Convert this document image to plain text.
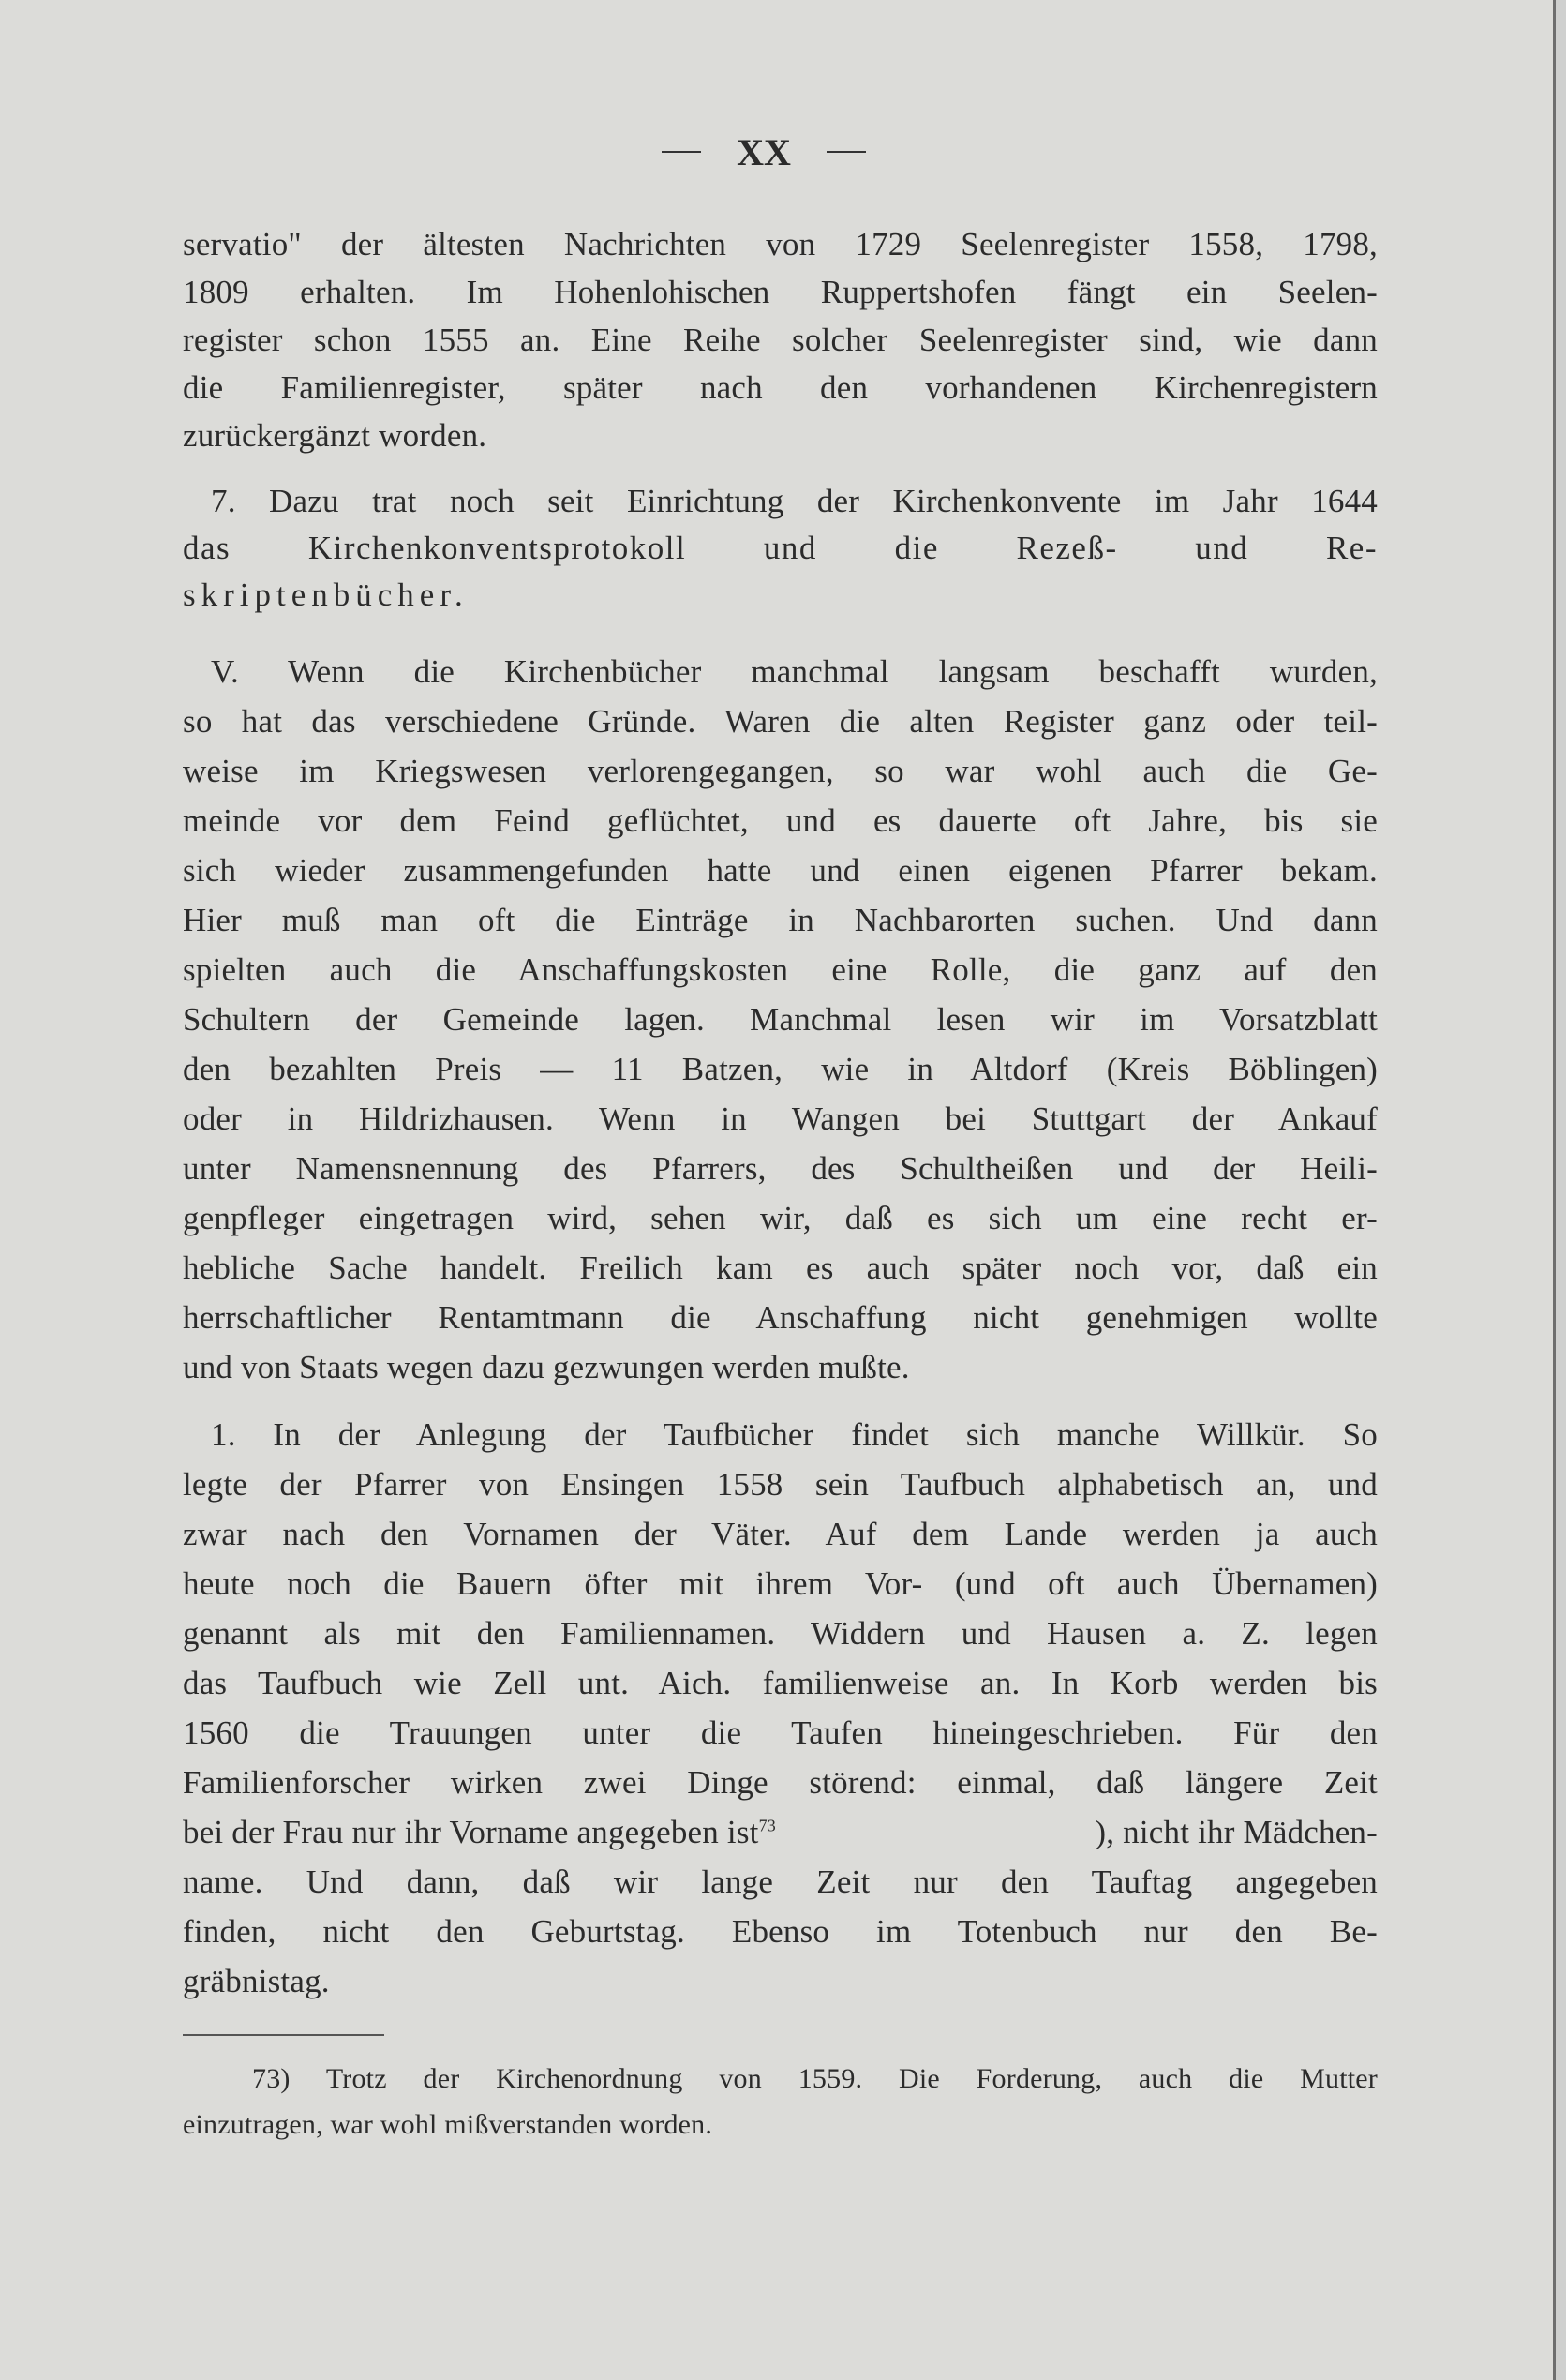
XX
servatio" der ältesten Nachrichten von 1729 Seelenregister 1558, 1798,
1809 erhalten. Im Hohenlohischen Ruppertshofen fängt ein Seelen-
register schon 1555 an. Eine Reihe solcher Seelenregister sind, wie dann
die Familienregister, später nach den vorhandenen Kirchenregistern
zurückergänzt worden.
7. Dazu trat noch seit Einrichtung der Kirchenkonvente im Jahr 1644
das Kirchenkonventsprotokoll und die Rezeß- und Re-
skriptenbücher.
V. Wenn die Kirchenbücher manchmal langsam beschafft wurden,
so hat das verschiedene Gründe. Waren die alten Register ganz oder teil-
weise im Kriegswesen verlorengegangen, so war wohl auch die Ge-
meinde vor dem Feind geflüchtet, und es dauerte oft Jahre, bis sie
sich wieder zusammengefunden hatte und einen eigenen Pfarrer bekam.
Hier muß man oft die Einträge in Nachbarorten suchen. Und dann
spielten auch die Anschaffungskosten eine Rolle, die ganz auf den
Schultern der Gemeinde lagen. Manchmal lesen wir im Vorsatzblatt
den bezahlten Preis — 11 Batzen, wie in Altdorf (Kreis Böblingen)
oder in Hildrizhausen. Wenn in Wangen bei Stuttgart der Ankauf
unter Namensnennung des Pfarrers, des Schultheißen und der Heili-
genpfleger eingetragen wird, sehen wir, daß es sich um eine recht er-
hebliche Sache handelt. Freilich kam es auch später noch vor, daß ein
herrschaftlicher Rentamtmann die Anschaffung nicht genehmigen wollte
und von Staats wegen dazu gezwungen werden mußte.
1. In der Anlegung der Taufbücher findet sich manche Willkür. So
legte der Pfarrer von Ensingen 1558 sein Taufbuch alphabetisch an, und
zwar nach den Vornamen der Väter. Auf dem Lande werden ja auch
heute noch die Bauern öfter mit ihrem Vor- (und oft auch Übernamen)
genannt als mit den Familiennamen. Widdern und Hausen a. Z. legen
das Taufbuch wie Zell unt. Aich. familienweise an. In Korb werden bis
1560 die Trauungen unter die Taufen hineingeschrieben. Für den
Familienforscher wirken zwei Dinge störend: einmal, daß längere Zeit
bei der Frau nur ihr Vorname angegeben ist$^{73}$	), nicht ihr Mädchen-
name. Und dann, daß wir lange Zeit nur den Tauftag angegeben
finden, nicht den Geburtstag. Ebenso im Totenbuch nur den Be-
gräbnistag.
73) Trotz der Kirchenordnung von 1559. Die Forderung, auch die Mutter
einzutragen, war wohl mißverstanden worden.
